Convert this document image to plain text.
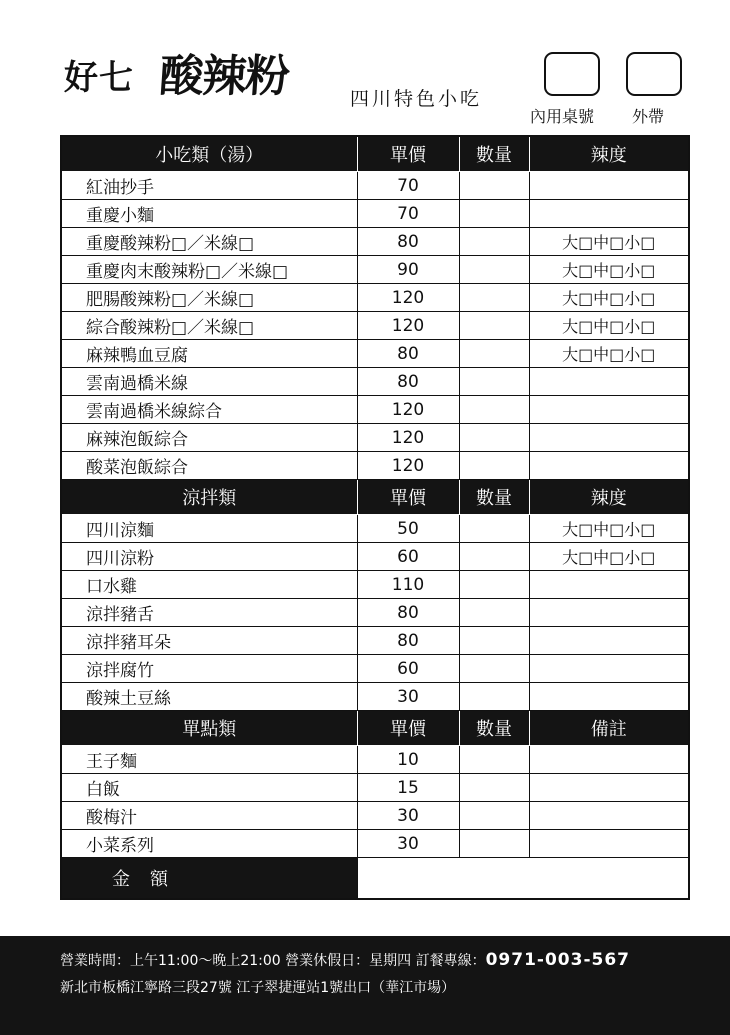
好七 酸辣粉	四川特色小吃
內用桌號 外帶
小吃類（湯）	單價	數量	辣度
紅油抄手	70		
重慶小麵	70		
重慶酸辣粉□／米線□	80		大□中□小□
重慶肉末酸辣粉□／米線□	90		大□中□小□
肥腸酸辣粉□／米線□	120		大□中□小□
綜合酸辣粉□／米線□	120		大□中□小□
麻辣鴨血豆腐	80		大□中□小□
雲南過橋米線	80		
雲南過橋米線綜合	120		
麻辣泡飯綜合	120		
酸菜泡飯綜合	120		
涼拌類	單價	數量	辣度
四川涼麵	50		大□中□小□
四川涼粉	60		大□中□小□
口水雞	110		
涼拌豬舌	80		
涼拌豬耳朵	80		
涼拌腐竹	60		
酸辣土豆絲	30		
單點類	單價	數量	備註
王子麵	10		
白飯	15		
酸梅汁	30		
小菜系列	30		
金額			
營業時間：上午11:00～晚上21:00 營業休假日：星期四 訂餐專線：0971-003-567
新北市板橋江寧路三段27號 江子翠捷運站1號出口（華江市場）
